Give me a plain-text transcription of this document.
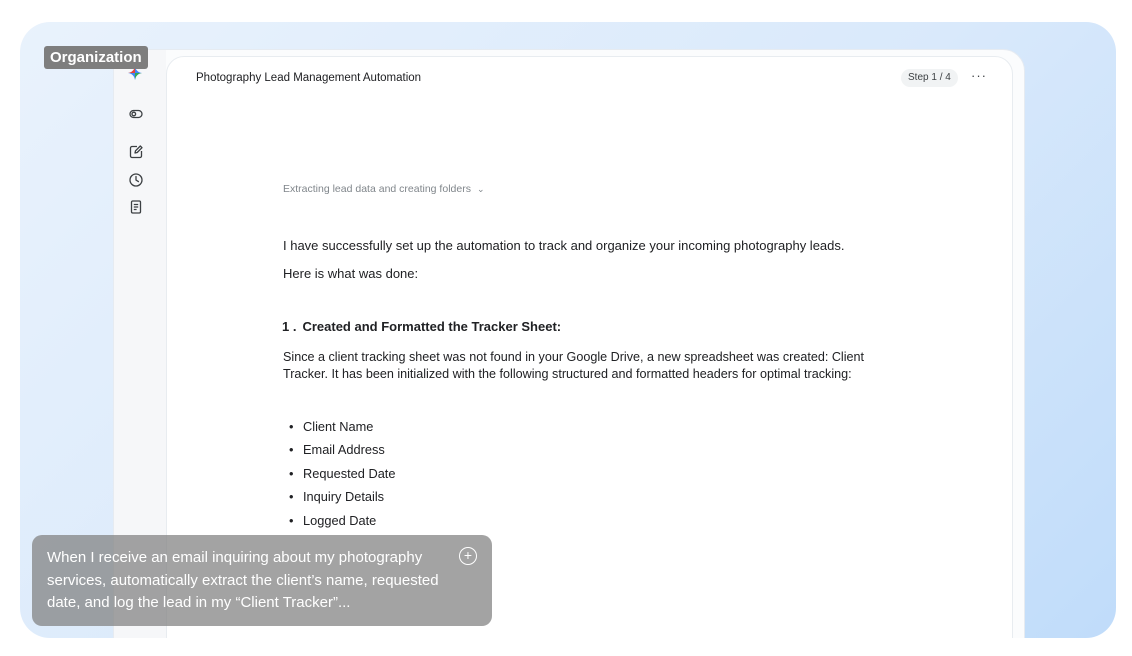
Photography Lead Management Automation	Step 1 / 4	···
Extracting lead data and creating folders ⌄

I have successfully set up the automation to track and organize your incoming photography leads.

Here is what was done:

1 . Created and Formatted the Tracker Sheet:
Since a client tracking sheet was not found in your Google Drive, a new spreadsheet was created: Client Tracker. It has been initialized with the following structured and formatted headers for optimal tracking:
• Client Name
• Email Address
• Requested Date
• Inquiry Details
• Logged Date
When I receive an email inquiring about my photography services, automatically extract the client’s name, requested date, and log the lead in my “Client Tracker”...
+
Organization
